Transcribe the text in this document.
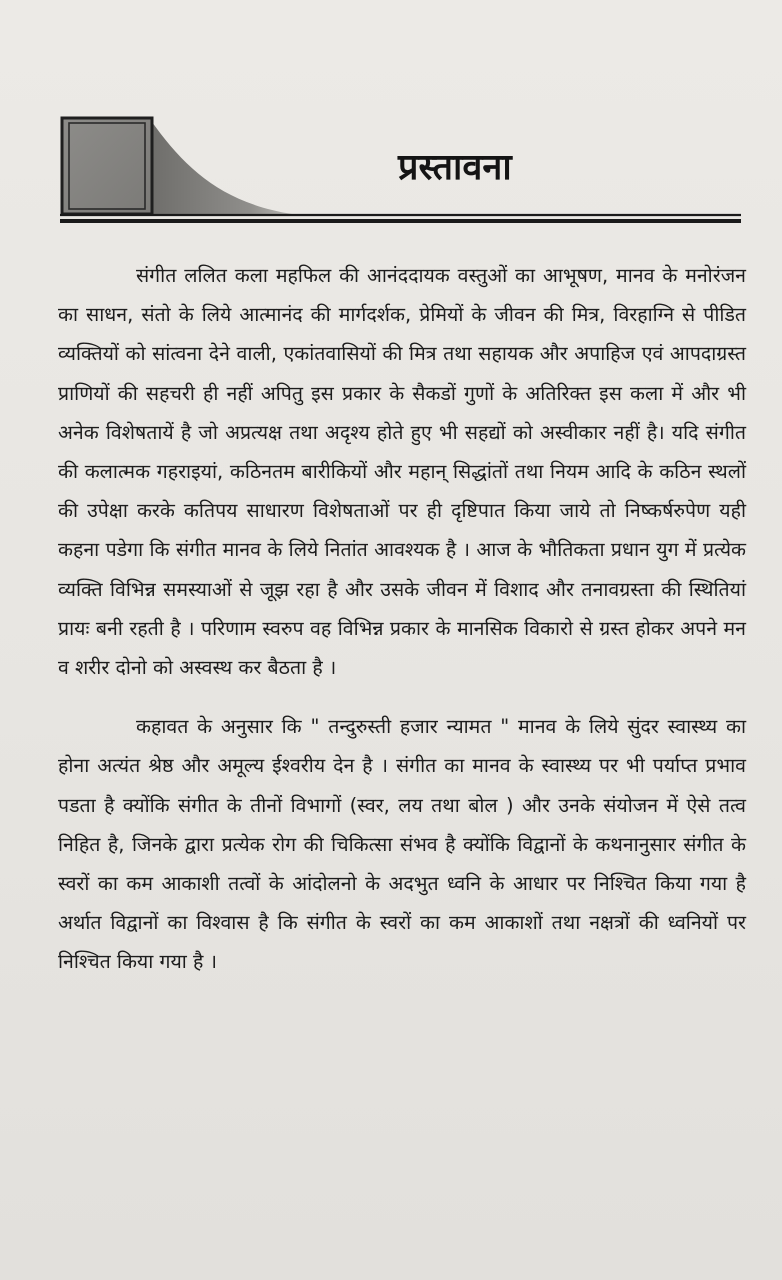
प्रस्तावना

संगीत ललित कला महफिल की आनंददायक वस्तुओं का आभूषण, मानव के मनोरंजन का साधन, संतो के लिये आत्मानंद की मार्गदर्शक, प्रेमियों के जीवन की मित्र, विरहाग्नि से पीडित व्यक्तियों को सांत्वना देने वाली, एकांतवासियों की मित्र तथा सहायक और अपाहिज एवं आपदाग्रस्त प्राणियों की सहचरी ही नहीं अपितु इस प्रकार के सैकडों गुणों के अतिरिक्त इस कला में और भी अनेक विशेषतायें है जो अप्रत्यक्ष तथा अदृश्य होते हुए भी सहद्यों को अस्वीकार नहीं है। यदि संगीत की कलात्मक गहराइयां, कठिनतम बारीकियों और महान् सिद्धांतों तथा नियम आदि के कठिन स्थलों की उपेक्षा करके कतिपय साधारण विशेषताओं पर ही दृष्टिपात किया जाये तो निष्कर्षरुपेण यही कहना पडेगा कि संगीत मानव के लिये नितांत आवश्यक है । आज के भौतिकता प्रधान युग में प्रत्येक व्यक्ति विभिन्न समस्याओं से जूझ रहा है और उसके जीवन में विशाद और तनावग्रस्ता की स्थितियां प्रायः बनी रहती है । परिणाम स्वरुप वह विभिन्न प्रकार के मानसिक विकारो से ग्रस्त होकर अपने मन व शरीर दोनो को अस्वस्थ कर बैठता है ।

कहावत के अनुसार कि " तन्दुरुस्ती हजार न्यामत " मानव के लिये सुंदर स्वास्थ्य का होना अत्यंत श्रेष्ठ और अमूल्य ईश्वरीय देन है । संगीत का मानव के स्वास्थ्य पर भी पर्याप्त प्रभाव पडता है क्योंकि संगीत के तीनों विभागों (स्वर, लय तथा बोल ) और उनके संयोजन में ऐसे तत्व निहित है, जिनके द्वारा प्रत्येक रोग की चिकित्सा संभव है क्योंकि विद्वानों के कथनानुसार संगीत के स्वरों का कम आकाशी तत्वों के आंदोलनो के अदभुत ध्वनि के आधार पर निश्चित किया गया है अर्थात विद्वानों का विश्वास है कि संगीत के स्वरों का कम आकाशों तथा नक्षत्रों की ध्वनियों पर निश्चित किया गया है ।
